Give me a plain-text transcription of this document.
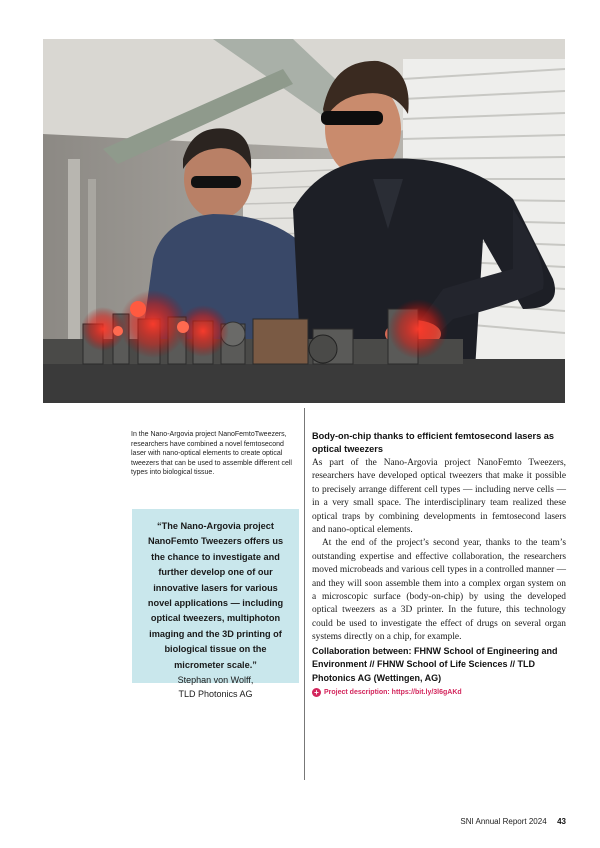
In the Nano-Argovia project NanoFemtoTweezers, researchers have combined a novel femtosecond laser with nano-optical elements to create optical tweezers that can be used to assemble different cell types into biological tissue.
“The Nano-Argovia project NanoFemto Tweezers offers us the chance to investigate and further develop one of our innovative lasers for various novel applications — including optical tweezers, multiphoton imaging and the 3D printing of biological tissue on the micrometer scale.”
Stephan von Wolff,
TLD Photonics AG

Body-on-chip thanks to efficient femtosecond lasers as optical tweezers

As part of the Nano-Argovia project NanoFemto Tweezers, researchers have developed optical tweezers that make it possible to precisely arrange different cell types — including nerve cells — in a very small space. The interdisciplinary team realized these optical traps by combining developments in femtosecond lasers and nano-optical elements.

At the end of the project’s second year, thanks to the team’s outstanding expertise and effective collaboration, the researchers moved microbeads and various cell types in a controlled manner — and they will soon assemble them into a complex organ system on a microscopic surface (body-on-chip) by using the developed optical tweezers as a 3D printer. In the future, this technology could be used to investigate the effect of drugs on several organ systems directly on a chip, for example.

Collaboration between: FHNW School of Engineering and Environment // FHNW School of Life Sciences // TLD Photonics AG (Wettingen, AG)

+ Project description: https://bit.ly/3l6gAKd
SNI Annual Report 2024 43
